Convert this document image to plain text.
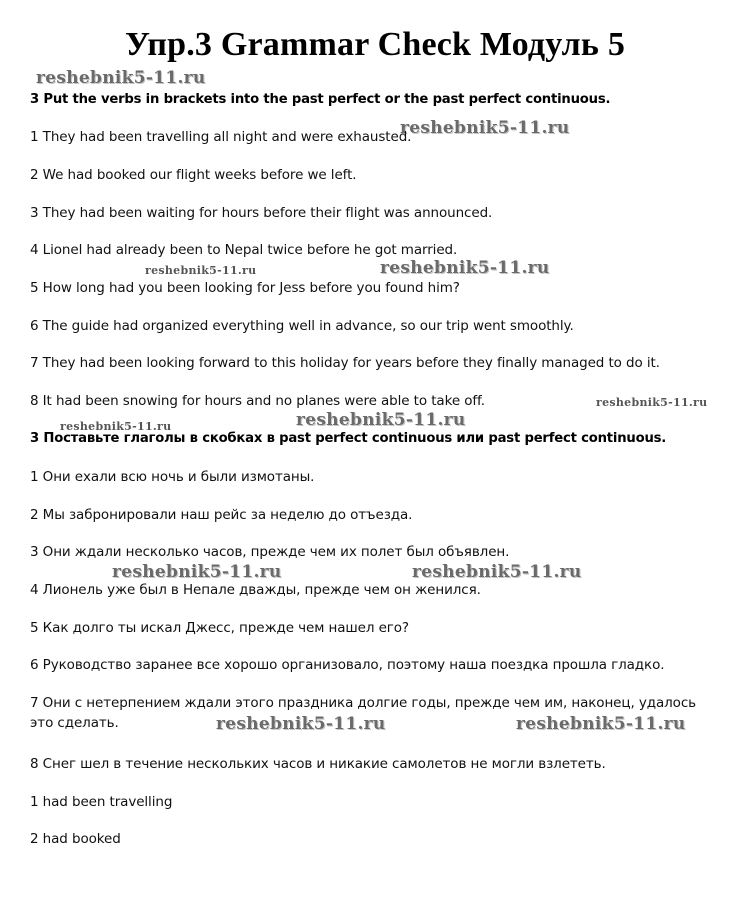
Упр.3 Grammar Check Модуль 5
reshebnik5-11.ru
reshebnik5-11.ru
reshebnik5-11.ru	reshebnik5-11.ru
reshebnik5-11.ru
reshebnik5-11.ru	reshebnik5-11.ru
reshebnik5-11.ru	reshebnik5-11.ru
reshebnik5-11.ru	reshebnik5-11.ru
3 Put the verbs in brackets into the past perfect or the past perfect continuous.
1 They had been travelling all night and were exhausted.
2 We had booked our flight weeks before we left.
3 They had been waiting for hours before their flight was announced.
4 Lionel had already been to Nepal twice before he got married.
5 How long had you been looking for Jess before you found him?
6 The guide had organized everything well in advance, so our trip went smoothly.
7 They had been looking forward to this holiday for years before they finally managed to do it.
8 It had been snowing for hours and no planes were able to take off.
3 Поставьте глаголы в скобках в past perfect continuous или past perfect continuous.
1 Они ехали всю ночь и были измотаны.
2 Мы забронировали наш рейс за неделю до отъезда.
3 Они ждали несколько часов, прежде чем их полет был объявлен.
4 Лионель уже был в Непале дважды, прежде чем он женился.
5 Как долго ты искал Джесс, прежде чем нашел его?
6 Руководство заранее все хорошо организовало, поэтому наша поездка прошла гладко.
7 Они с нетерпением ждали этого праздника долгие годы, прежде чем им, наконец, удалось это сделать.
8 Снег шел в течение нескольких часов и никакие самолетов не могли взлететь.
1 had been travelling
2 had booked
